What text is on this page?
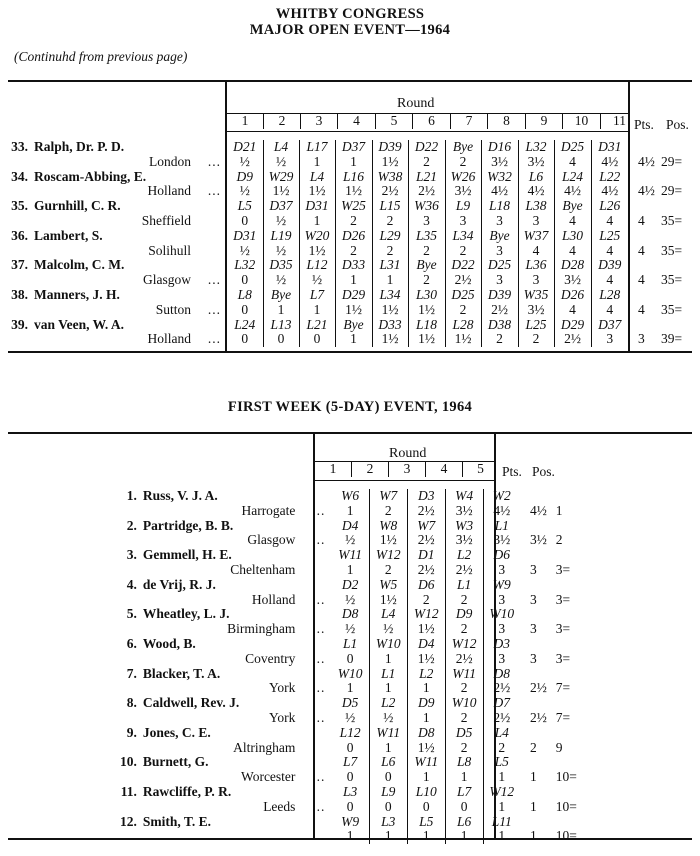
WHITBY CONGRESS
MAJOR OPEN EVENT—1964
(Continuhd from previous page)
Round
Pts. Pos.
1	2	3	4	5	6	7	8	9	10	11
33.	Ralph, Dr. P. D.	D21	L4	L17	D37	D39	D22	Bye	D16	L32	D25	D31		
	London ...	½	½	1	1	1½	2	2	3½	3½	4	4½	4½	29=
34.	Roscam-Abbing, E.	D9	W29	L4	L16	W38	L21	W26	W32	L6	L24	L22		
	Holland ...	½	1½	1½	1½	2½	2½	3½	4½	4½	4½	4½	4½	29=
35.	Gurnhill, C. R.	L5	D37	D31	W25	L15	W36	L9	L18	L38	Bye	L26		
	Sheffield	0	½	1	2	2	3	3	3	3	4	4	4	35=
36.	Lambert, S.	D31	L19	W20	D26	L29	L35	L34	Bye	W37	L30	L25		
	Solihull	½	½	1½	2	2	2	2	3	4	4	4	4	35=
37.	Malcolm, C. M.	L32	D35	L12	D33	L31	Bye	D22	D25	L36	D28	D39		
	Glasgow ...	0	½	½	1	1	2	2½	3	3	3½	4	4	35=
38.	Manners, J. H.	L8	Bye	L7	D29	L34	L30	D25	D39	W35	D26	L28		
	Sutton ...	0	1	1	1½	1½	1½	2	2½	3½	4	4	4	35=
39.	van Veen, W. A.	L24	L13	L21	Bye	D33	L18	L28	D38	L25	D29	D37		
	Holland ...	0	0	0	1	1½	1½	1½	2	2	2½	3	3	39=
FIRST WEEK (5-DAY) EVENT, 1964
Round
Pts. Pos.
1	2	3	4	5
1.	Russ, V. J. A.	W6	W7	D3	W4	W2		
	Harrogate ...	1	2	2½	3½	4½	4½	1
2.	Partridge, B. B.	D4	W8	W7	W3	L1		
	Glasgow ...	½	1½	2½	3½	3½	3½	2
3.	Gemmell, H. E.	W11	W12	D1	L2	D6		
	Cheltenham	1	2	2½	2½	3	3	3=
4.	de Vrij, R. J.	D2	W5	D6	L1	W9		
	Holland ...	½	1½	2	2	3	3	3=
5.	Wheatley, L. J.	D8	L4	W12	D9	W10		
	Birmingham ...	½	½	1½	2	3	3	3=
6.	Wood, B.	L1	W10	D4	W12	D3		
	Coventry ...	0	1	1½	2½	3	3	3=
7.	Blacker, T. A.	W10	L1	L2	W11	D8		
	York ...	1	1	1	2	2½	2½	7=
8.	Caldwell, Rev. J.	D5	L2	D9	W10	D7		
	York ...	½	½	1	2	2½	2½	7=
9.	Jones, C. E.	L12	W11	D8	D5	L4		
	Altringham	0	1	1½	2	2	2	9
10.	Burnett, G.	L7	L6	W11	L8	L5		
	Worcester ...	0	0	1	1	1	1	10=
11.	Rawcliffe, P. R.	L3	L9	L10	L7	W12		
	Leeds ...	0	0	0	0	1	1	10=
12.	Smith, T. E.	W9	L3	L5	L6	L11		
	...	1	1	1	1	1	1	10=
